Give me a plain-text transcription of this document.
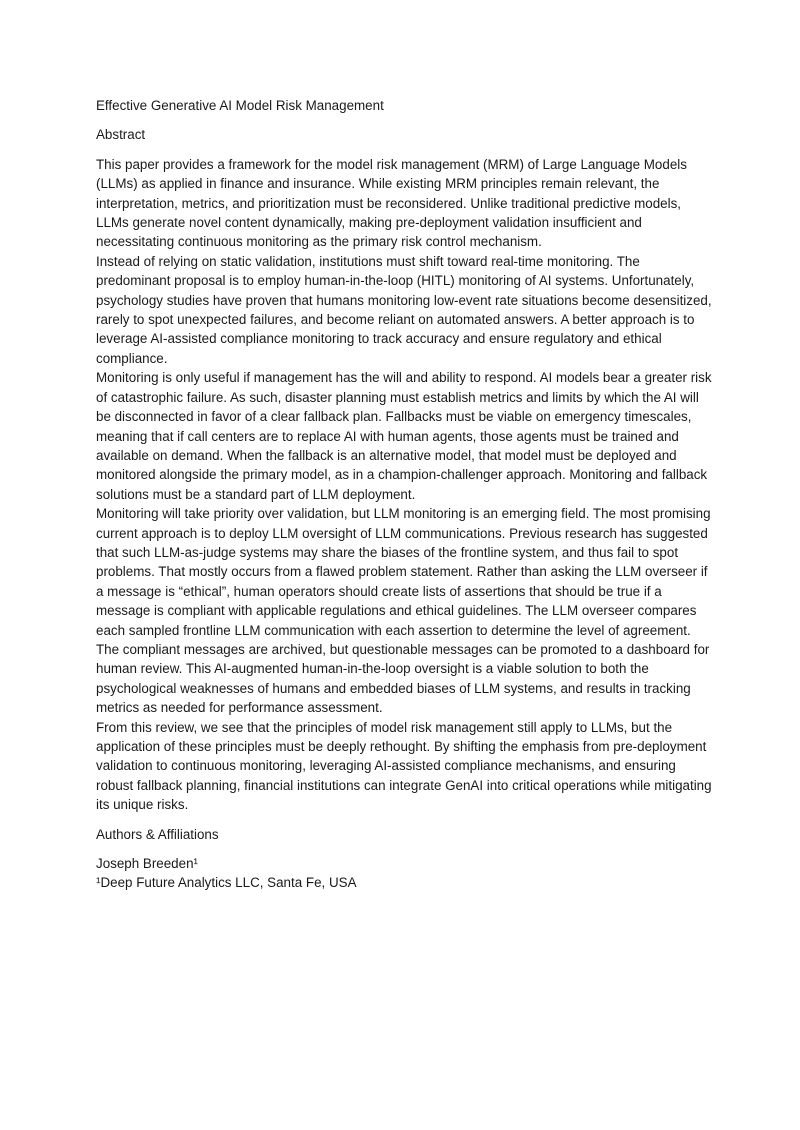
Effective Generative AI Model Risk Management
Abstract

This paper provides a framework for the model risk management (MRM) of Large Language Models (LLMs) as applied in finance and insurance. While existing MRM principles remain relevant, the interpretation, metrics, and prioritization must be reconsidered. Unlike traditional predictive models, LLMs generate novel content dynamically, making pre-deployment validation insufficient and necessitating continuous monitoring as the primary risk control mechanism.

Instead of relying on static validation, institutions must shift toward real-time monitoring. The predominant proposal is to employ human-in-the-loop (HITL) monitoring of AI systems. Unfortunately, psychology studies have proven that humans monitoring low-event rate situations become desensitized, rarely to spot unexpected failures, and become reliant on automated answers. A better approach is to leverage AI-assisted compliance monitoring to track accuracy and ensure regulatory and ethical compliance.

Monitoring is only useful if management has the will and ability to respond. AI models bear a greater risk of catastrophic failure. As such, disaster planning must establish metrics and limits by which the AI will be disconnected in favor of a clear fallback plan. Fallbacks must be viable on emergency timescales, meaning that if call centers are to replace AI with human agents, those agents must be trained and available on demand. When the fallback is an alternative model, that model must be deployed and monitored alongside the primary model, as in a champion-challenger approach. Monitoring and fallback solutions must be a standard part of LLM deployment.

Monitoring will take priority over validation, but LLM monitoring is an emerging field. The most promising current approach is to deploy LLM oversight of LLM communications. Previous research has suggested that such LLM-as-judge systems may share the biases of the frontline system, and thus fail to spot problems. That mostly occurs from a flawed problem statement. Rather than asking the LLM overseer if a message is “ethical”, human operators should create lists of assertions that should be true if a message is compliant with applicable regulations and ethical guidelines. The LLM overseer compares each sampled frontline LLM communication with each assertion to determine the level of agreement. The compliant messages are archived, but questionable messages can be promoted to a dashboard for human review. This AI-augmented human-in-the-loop oversight is a viable solution to both the psychological weaknesses of humans and embedded biases of LLM systems, and results in tracking metrics as needed for performance assessment.

From this review, we see that the principles of model risk management still apply to LLMs, but the application of these principles must be deeply rethought. By shifting the emphasis from pre-deployment validation to continuous monitoring, leveraging AI-assisted compliance mechanisms, and ensuring robust fallback planning, financial institutions can integrate GenAI into critical operations while mitigating its unique risks.

Authors & Affiliations
Joseph Breeden¹
¹Deep Future Analytics LLC, Santa Fe, USA
